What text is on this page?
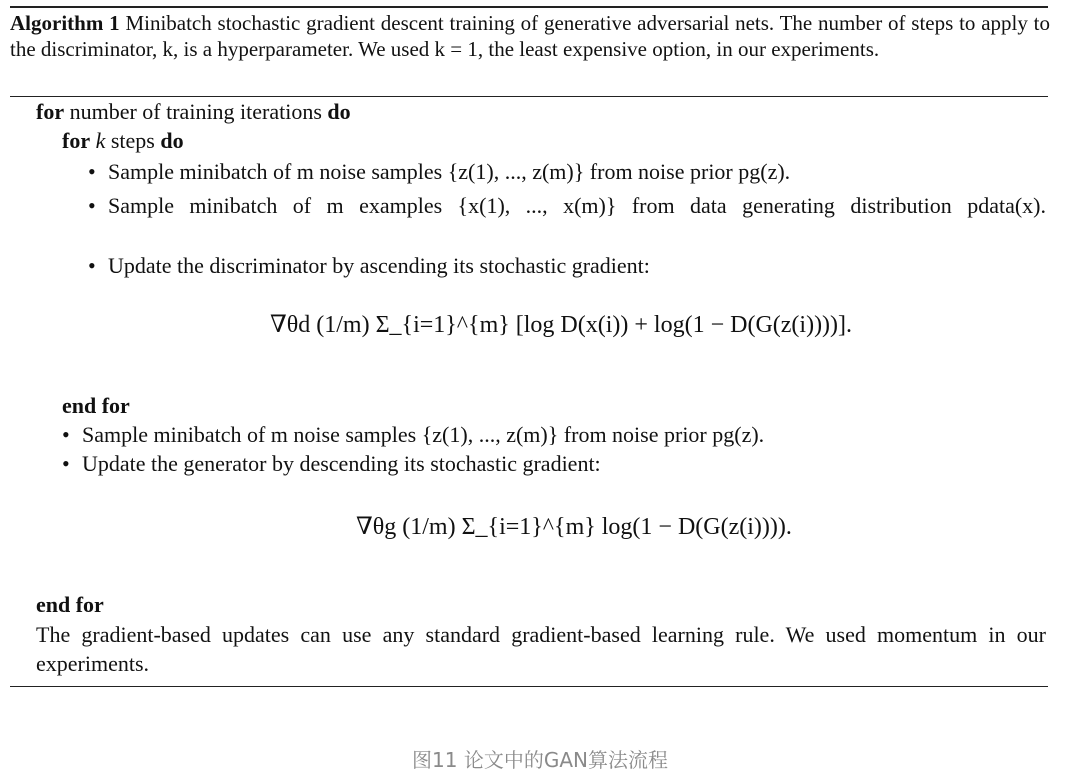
Algorithm 1 Minibatch stochastic gradient descent training of generative adversarial nets. The number of steps to apply to the discriminator, k, is a hyperparameter. We used k = 1, the least expensive option, in our experiments.
for number of training iterations do
for k steps do
• Sample minibatch of m noise samples {z(1), ..., z(m)} from noise prior pg(z).
• Sample minibatch of m examples {x(1), ..., x(m)} from data generating distribution pdata(x).
• Update the discriminator by ascending its stochastic gradient:
∇θd (1/m) Σ_{i=1}^{m} [log D(x(i)) + log(1 − D(G(z(i))))].
end for
• Sample minibatch of m noise samples {z(1), ..., z(m)} from noise prior pg(z).
• Update the generator by descending its stochastic gradient:
∇θg (1/m) Σ_{i=1}^{m} log(1 − D(G(z(i)))).
end for
The gradient-based updates can use any standard gradient-based learning rule. We used momentum in our experiments.
图11 论文中的GAN算法流程
